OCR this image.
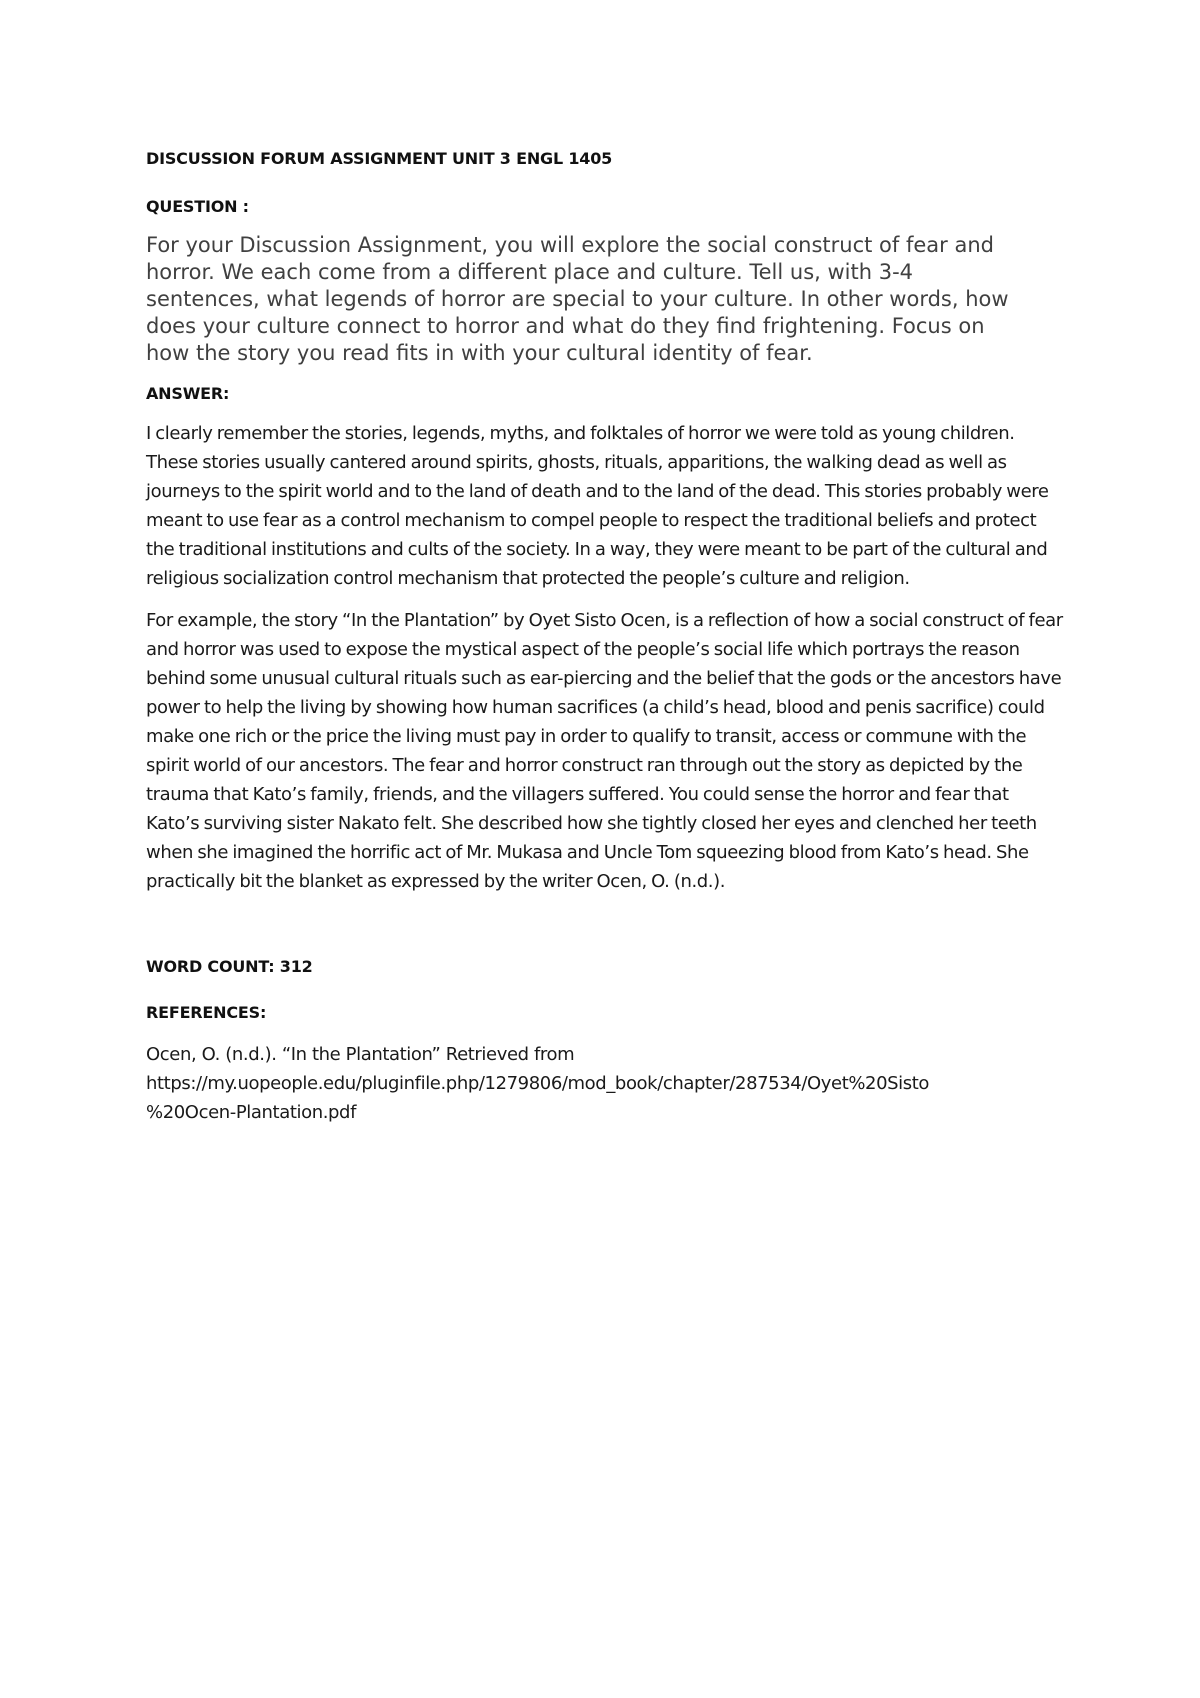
DISCUSSION FORUM ASSIGNMENT UNIT 3 ENGL 1405

QUESTION :

For your Discussion Assignment, you will explore the social construct of fear and horror. We each come from a different place and culture. Tell us, with 3-4 sentences, what legends of horror are special to your culture. In other words, how does your culture connect to horror and what do they find frightening. Focus on how the story you read fits in with your cultural identity of fear.

ANSWER:

I clearly remember the stories, legends, myths, and folktales of horror we were told as young children. These stories usually cantered around spirits, ghosts, rituals, apparitions, the walking dead as well as journeys to the spirit world and to the land of death and to the land of the dead. This stories probably were meant to use fear as a control mechanism to compel people to respect the traditional beliefs and protect the traditional institutions and cults of the society. In a way, they were meant to be part of the cultural and religious socialization control mechanism that protected the people’s culture and religion.

For example, the story “In the Plantation” by Oyet Sisto Ocen, is a reflection of how a social construct of fear and horror was used to expose the mystical aspect of the people’s social life which portrays the reason behind some unusual cultural rituals such as ear-piercing and the belief that the gods or the ancestors have power to help the living by showing how human sacrifices (a child’s head, blood and penis sacrifice) could make one rich or the price the living must pay in order to qualify to transit, access or commune with the spirit world of our ancestors. The fear and horror construct ran through out the story as depicted by the trauma that Kato’s family, friends, and the villagers suffered. You could sense the horror and fear that Kato’s surviving sister Nakato felt. She described how she tightly closed her eyes and clenched her teeth when she imagined the horrific act of Mr. Mukasa and Uncle Tom squeezing blood from Kato’s head. She practically bit the blanket as expressed by the writer Ocen, O. (n.d.).

WORD COUNT: 312

REFERENCES:

Ocen, O. (n.d.). “In the Plantation” Retrieved from
https://my.uopeople.edu/pluginfile.php/1279806/mod_book/chapter/287534/Oyet%20Sisto
%20Ocen-Plantation.pdf
